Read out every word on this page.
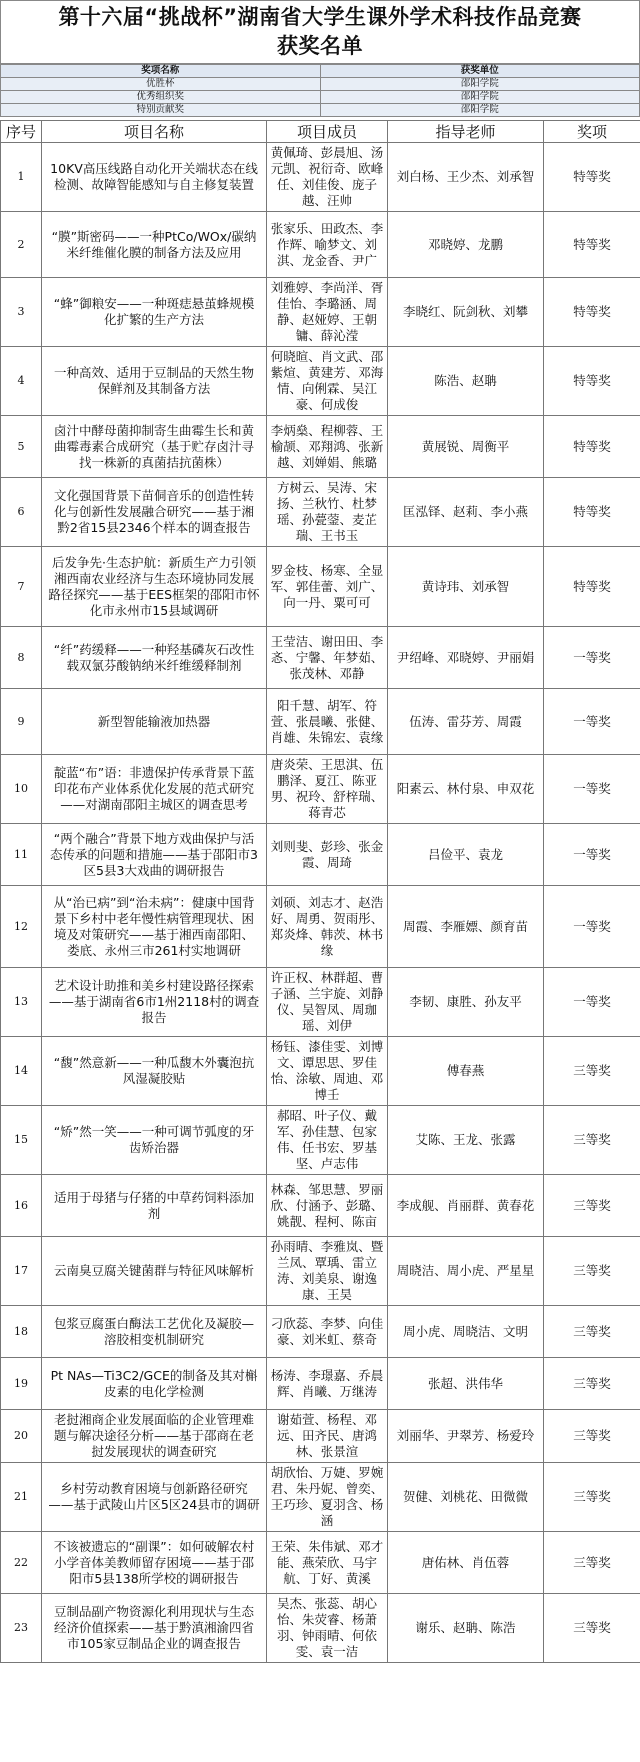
第十六届“挑战杯”湖南省大学生课外学术科技作品竞赛
获奖名单
奖项名称	获奖单位
优胜杯	邵阳学院
优秀组织奖	邵阳学院
特别贡献奖	邵阳学院
序号	项目名称	项目成员	指导老师	奖项
1	10KV高压线路自动化开关端状态在线检测、故障智能感知与自主修复装置	黄佩琦、彭晨旭、汤元凯、祝衍奇、欧峰任、刘佳俊、庞子越、汪帅	刘白杨、王少杰、刘承智	特等奖
2	“膜”斯密码——一种PtCo/WOx/碳纳米纤维催化膜的制备方法及应用	张家乐、田政杰、李作辉、喻梦文、刘淇、龙金香、尹广	邓晓婷、龙鹏	特等奖
3	“蜂”御粮安——一种斑痣悬茧蜂规模化扩繁的生产方法	刘雅婷、李尚洋、胥佳怡、李璐涵、周静、赵娅婷、王朝镛、薛沁滢	李晓红、阮剑秋、刘攀	特等奖
4	一种高效、适用于豆制品的天然生物保鲜剂及其制备方法	何晓暄、肖文武、邵紫煊、黄建芳、邓海情、向俐霖、吴江豪、何成俊	陈浩、赵聃	特等奖
5	卤汁中酵母菌抑制寄生曲霉生长和黄曲霉毒素合成研究（基于贮存卤汁寻找一株新的真菌拮抗菌株）	李炳燊、程柳蓉、王榆颉、邓翔鸿、张新越、刘婵娟、熊璐	黄展锐、周衡平	特等奖
6	文化强国背景下苗侗音乐的创造性转化与创新性发展融合研究——基于湘黔2省15县2346个样本的调查报告	方树云、吴涛、宋扬、兰秋竹、杜梦瑶、孙甍蓥、麦芷瑞、王书玉	匡泓铎、赵莉、李小燕	特等奖
7	后发争先·生态护航：新质生产力引领湘西南农业经济与生态环境协同发展路径探究——基于EES框架的邵阳市怀化市永州市15县域调研	罗金枝、杨寒、全显军、郭佳蕾、刘广、向一丹、粟可可	黄诗玮、刘承智	特等奖
8	“纤”药缓释——一种羟基磷灰石改性载双氯芬酸钠纳米纤维缓释制剂	王莹洁、谢田田、李忞、宁馨、年梦茹、张茂林、邓静	尹绍峰、邓晓婷、尹丽娟	一等奖
9	新型智能输液加热器	阳千慧、胡军、符萱、张晨曦、张健、肖雄、朱锦宏、袁缘	伍涛、雷芬芳、周霞	一等奖
10	靛蓝“布”语：非遗保护传承背景下蓝印花布产业体系优化发展的范式研究——对湖南邵阳主城区的调查思考	唐炎荣、王思淇、伍鹏泽、夏江、陈亚男、祝玲、舒梓瑞、蒋青芯	阳素云、林付泉、申双花	一等奖
11	“两个融合”背景下地方戏曲保护与活态传承的问题和措施——基于邵阳市3区5县3大戏曲的调研报告	刘则斐、彭珍、张金霞、周琦	吕俭平、袁龙	一等奖
12	从“治已病”到“治未病”：健康中国背景下乡村中老年慢性病管理现状、困境及对策研究——基于湘西南邵阳、娄底、永州三市261村实地调研	刘硕、刘志才、赵浩好、周勇、贺雨彤、郑炎烽、韩茨、林书缘	周霞、李雁嫖、颜育苗	一等奖
13	艺术设计助推和美乡村建设路径探索——基于湖南省6市1州2118村的调查报告	许正权、林群超、曹子涵、兰宇旋、刘静仪、吴智凤、周珈瑶、刘伊	李韧、康胜、孙友平	一等奖
14	“馥”然意新——一种瓜馥木外囊泡抗风湿凝胶贴	杨钰、漆佳雯、刘博文、谭思思、罗佳怡、涂敏、周迪、邓博壬	傅春燕	三等奖
15	“矫”然一笑——一种可调节弧度的牙齿矫治器	郝昭、叶子仪、戴军、孙佳慧、包家伟、任书宏、罗基坚、卢志伟	艾陈、王龙、张露	三等奖
16	适用于母猪与仔猪的中草药饲料添加剂	林森、邹思慧、罗丽欣、付涵予、彭璐、姚靓、程柯、陈亩	李成舰、肖丽群、黄春花	三等奖
17	云南臭豆腐关键菌群与特征风味解析	孙雨晴、李雅岚、暨兰凤、覃瑀、雷立涛、刘美泉、谢逸康、王昊	周晓洁、周小虎、严星星	三等奖
18	包浆豆腐蛋白酶法工艺优化及凝胶—溶胶相变机制研究	刁欣蕊、李梦、向佳豪、刘米虹、蔡奇	周小虎、周晓洁、文明	三等奖
19	Pt NAs—Ti3C2/GCE的制备及其对槲皮素的电化学检测	杨涛、李璟嘉、乔晨辉、肖曦、万继涛	张超、洪伟华	三等奖
20	老挝湘商企业发展面临的企业管理难题与解决途径分析——基于邵商在老挝发展现状的调查研究	谢茹萱、杨程、邓远、田齐民、唐鸿林、张景渲	刘丽华、尹翠芳、杨爱玲	三等奖
21	乡村劳动教育困境与创新路径研究——基于武陵山片区5区24县市的调研	胡欣怡、万婕、罗婉君、朱丹妮、曾奕、王巧珍、夏羽含、杨涵	贺健、刘桃花、田微微	三等奖
22	不该被遗忘的“副课”：如何破解农村小学音体美教师留存困境——基于邵阳市5县138所学校的调研报告	王荣、朱伟斌、邓才能、燕荣欣、马宇航、丁好、黄溪	唐佑林、肖伍蓉	三等奖
23	豆制品副产物资源化利用现状与生态经济价值探索——基于黔滇湘渝四省市105家豆制品企业的调查报告	吴杰、张蕊、胡心怡、朱荧睿、杨萧羽、钟雨晴、何依雯、袁一洁	谢乐、赵聃、陈浩	三等奖
